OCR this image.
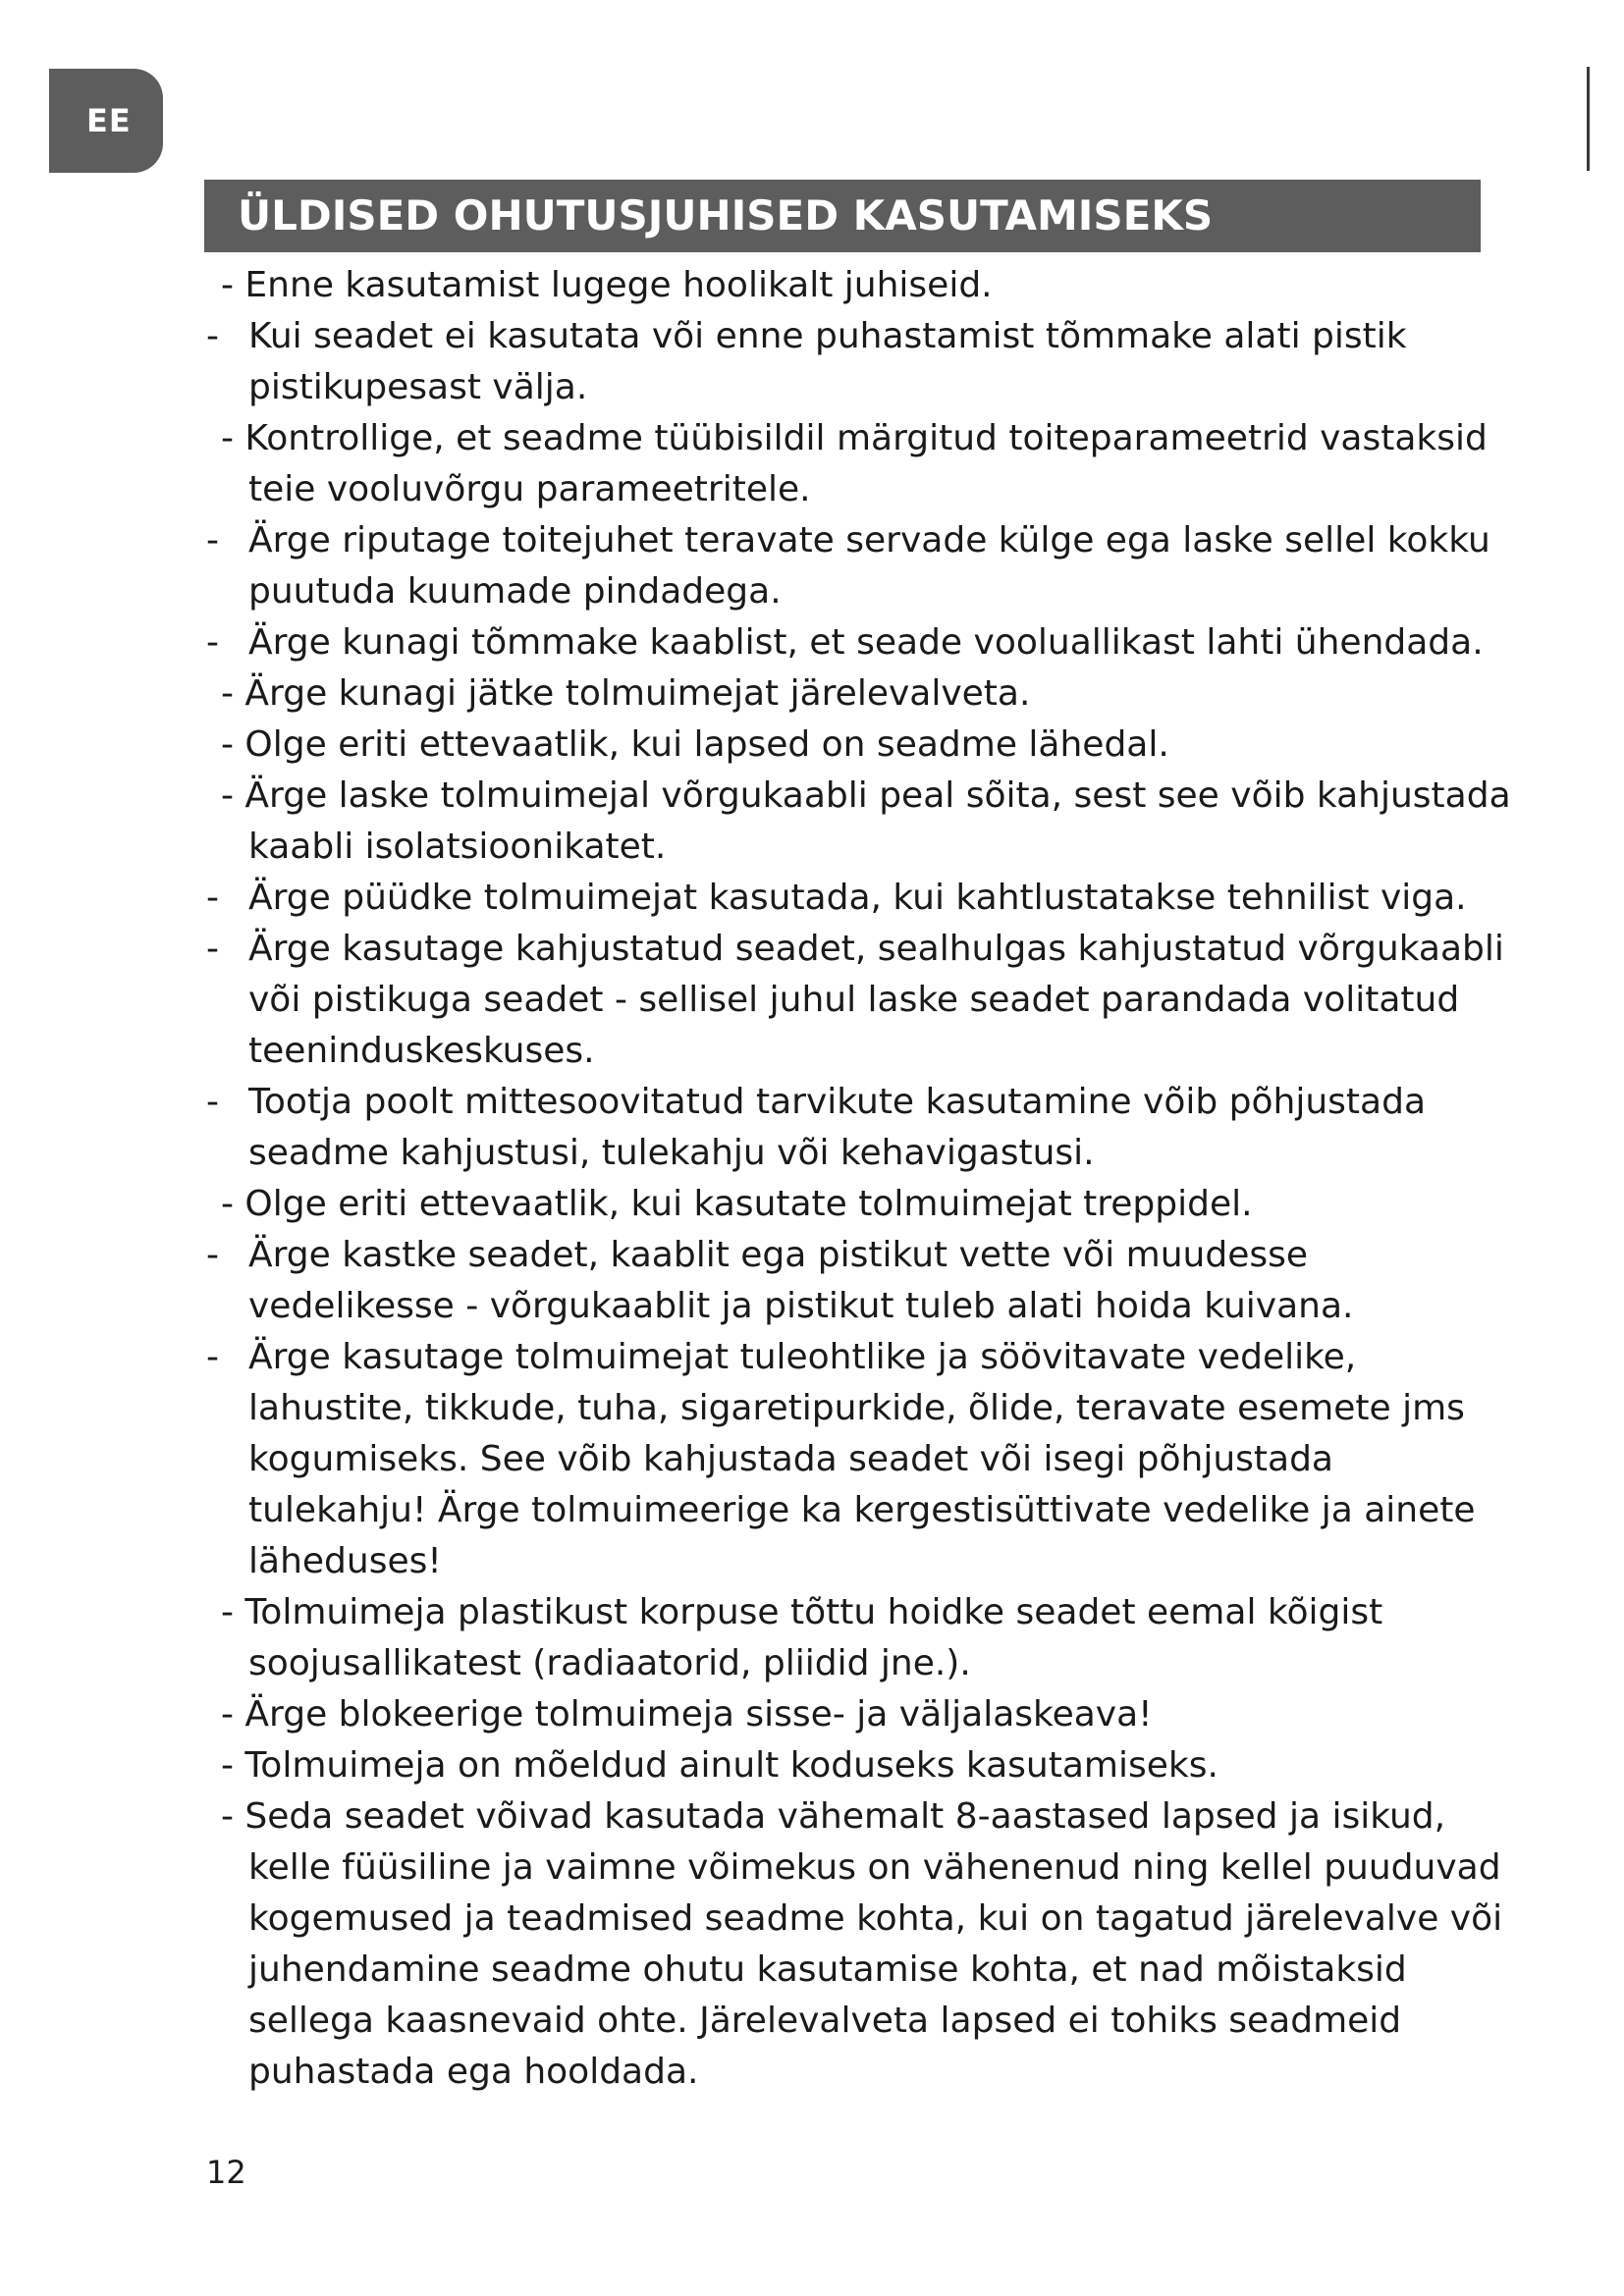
EE
ÜLDISED OHUTUSJUHISED KASUTAMISEKS
- Enne kasutamist lugege hoolikalt juhiseid.
- Kui seadet ei kasutata või enne puhastamist tõmmake alati pistik pistikupesast välja.
- Kontrollige, et seadme tüübisildil märgitud toiteparameetrid vastaksid teie vooluvõrgu parameetritele.
- Ärge riputage toitejuhet teravate servade külge ega laske sellel kokku puutuda kuumade pindadega.
- Ärge kunagi tõmmake kaablist, et seade vooluallikast lahti ühendada.
- Ärge kunagi jätke tolmuimejat järelevalveta.
- Olge eriti ettevaatlik, kui lapsed on seadme lähedal.
- Ärge laske tolmuimejal võrgukaabli peal sõita, sest see võib kahjustada kaabli isolatsioonikatet.
- Ärge püüdke tolmuimejat kasutada, kui kahtlustatakse tehnilist viga.
- Ärge kasutage kahjustatud seadet, sealhulgas kahjustatud võrgukaabli või pistikuga seadet - sellisel juhul laske seadet parandada volitatud teeninduskeskuses.
- Tootja poolt mittesoovitatud tarvikute kasutamine võib põhjustada seadme kahjustusi, tulekahju või kehavigastusi.
- Olge eriti ettevaatlik, kui kasutate tolmuimejat treppidel.
- Ärge kastke seadet, kaablit ega pistikut vette või muudesse vedelikesse - võrgukaablit ja pistikut tuleb alati hoida kuivana.
- Ärge kasutage tolmuimejat tuleohtlike ja söövitavate vedelike, lahustite, tikkude, tuha, sigaretipurkide, õlide, teravate esemete jms kogumiseks. See võib kahjustada seadet või isegi põhjustada tulekahju! Ärge tolmuimeerige ka kergestisüttivate vedelike ja ainete läheduses!
- Tolmuimeja plastikust korpuse tõttu hoidke seadet eemal kõigist soojusallikatest (radiaatorid, pliidid jne.).
- Ärge blokeerige tolmuimeja sisse- ja väljalaskeava!
- Tolmuimeja on mõeldud ainult koduseks kasutamiseks.
- Seda seadet võivad kasutada vähemalt 8-aastased lapsed ja isikud, kelle füüsiline ja vaimne võimekus on vähenenud ning kellel puuduvad kogemused ja teadmised seadme kohta, kui on tagatud järelevalve või juhendamine seadme ohutu kasutamise kohta, et nad mõistaksid sellega kaasnevaid ohte. Järelevalveta lapsed ei tohiks seadmeid puhastada ega hooldada.
12
